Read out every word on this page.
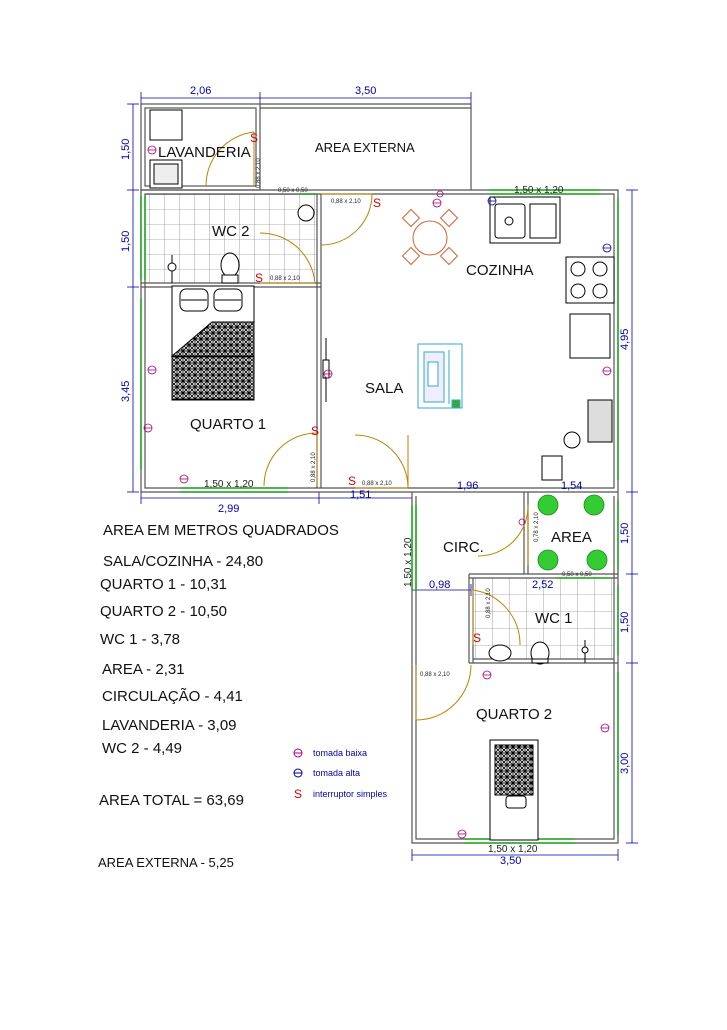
LAVANDERIA	AREA EXTERNA
WC 2
COZINHA
SALA
QUARTO 1
CIRC.
AREA
WC 1
QUARTO 2
2,06	3,50
1,50
1,50
3,45
4,95
2,99
1,51
1,96	1,54
1,50
0,98	2,52
1,50
3,00
3,50
1,50 x 1,20
1,50 x 1,20
1,50 x 1,20
1,50 x 1,20
0,88 x 2,10
0,88 x 2,10
0,88 x 2,10
0,88 x 2,10
0,88 x 2,10
0,78 x 2,10
0,88 x 2,10
0,88 x 2,10
0,50 x 0,50
0,50 x 0,50
S
S
S
S
S
S
AREA EM METROS QUADRADOS
SALA/COZINHA - 24,80
QUARTO 1 - 10,31
QUARTO 2 - 10,50
WC 1 - 3,78
AREA - 2,31
CIRCULAÇÃO - 4,41
LAVANDERIA - 3,09
WC 2 - 4,49
AREA TOTAL = 63,69
AREA EXTERNA - 5,25
tomada baixa
tomada alta
S interruptor simples
